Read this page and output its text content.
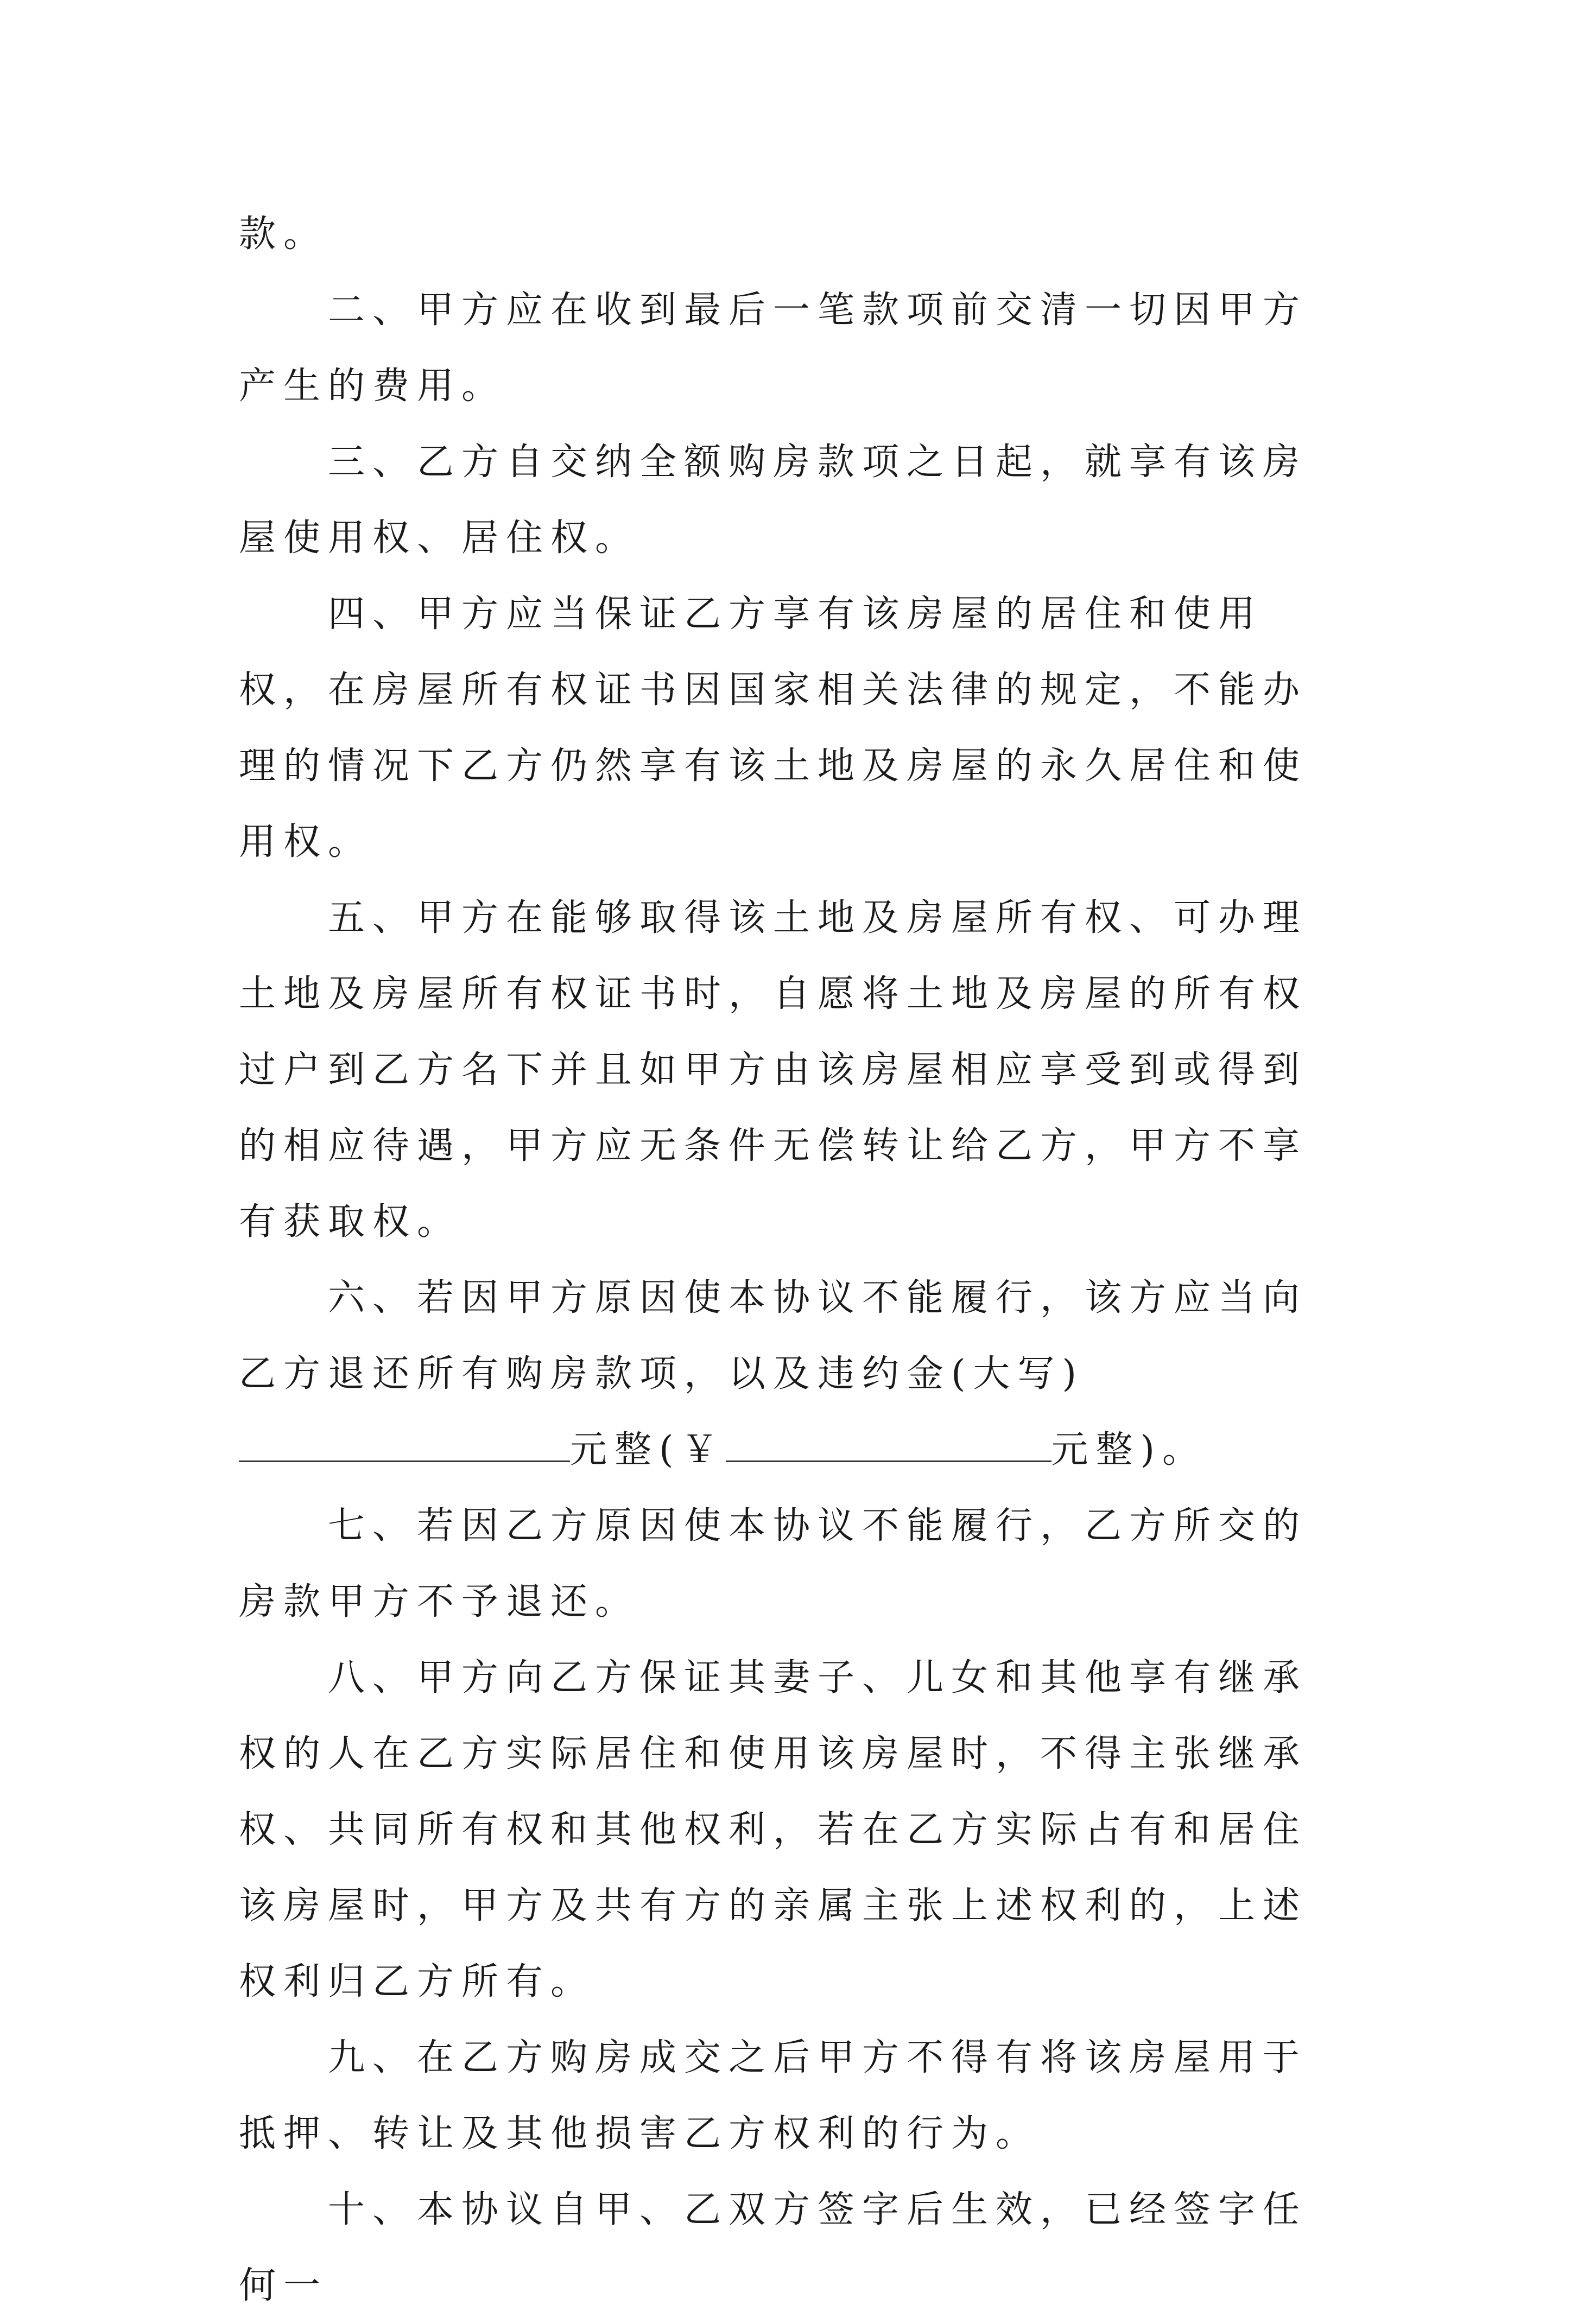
款。

二、甲方应在收到最后一笔款项前交清一切因甲方产生的费用。

三、乙方自交纳全额购房款项之日起，就享有该房屋使用权、居住权。

四、甲方应当保证乙方享有该房屋的居住和使用权，在房屋所有权证书因国家相关法律的规定，不能办理的情况下乙方仍然享有该土地及房屋的永久居住和使用权。

五、甲方在能够取得该土地及房屋所有权、可办理土地及房屋所有权证书时，自愿将土地及房屋的所有权过户到乙方名下并且如甲方由该房屋相应享受到或得到的相应待遇，甲方应无条件无偿转让给乙方，甲方不享有获取权。

六、若因甲方原因使本协议不能履行，该方应当向乙方退还所有购房款项，以及违约金(大写)元整(￥	元整)。

七、若因乙方原因使本协议不能履行，乙方所交的房款甲方不予退还。

八、甲方向乙方保证其妻子、儿女和其他享有继承权的人在乙方实际居住和使用该房屋时，不得主张继承权、共同所有权和其他权利，若在乙方实际占有和居住该房屋时，甲方及共有方的亲属主张上述权利的，上述权利归乙方所有。

九、在乙方购房成交之后甲方不得有将该房屋用于抵押、转让及其他损害乙方权利的行为。

十、本协议自甲、乙双方签字后生效，已经签字任何一
